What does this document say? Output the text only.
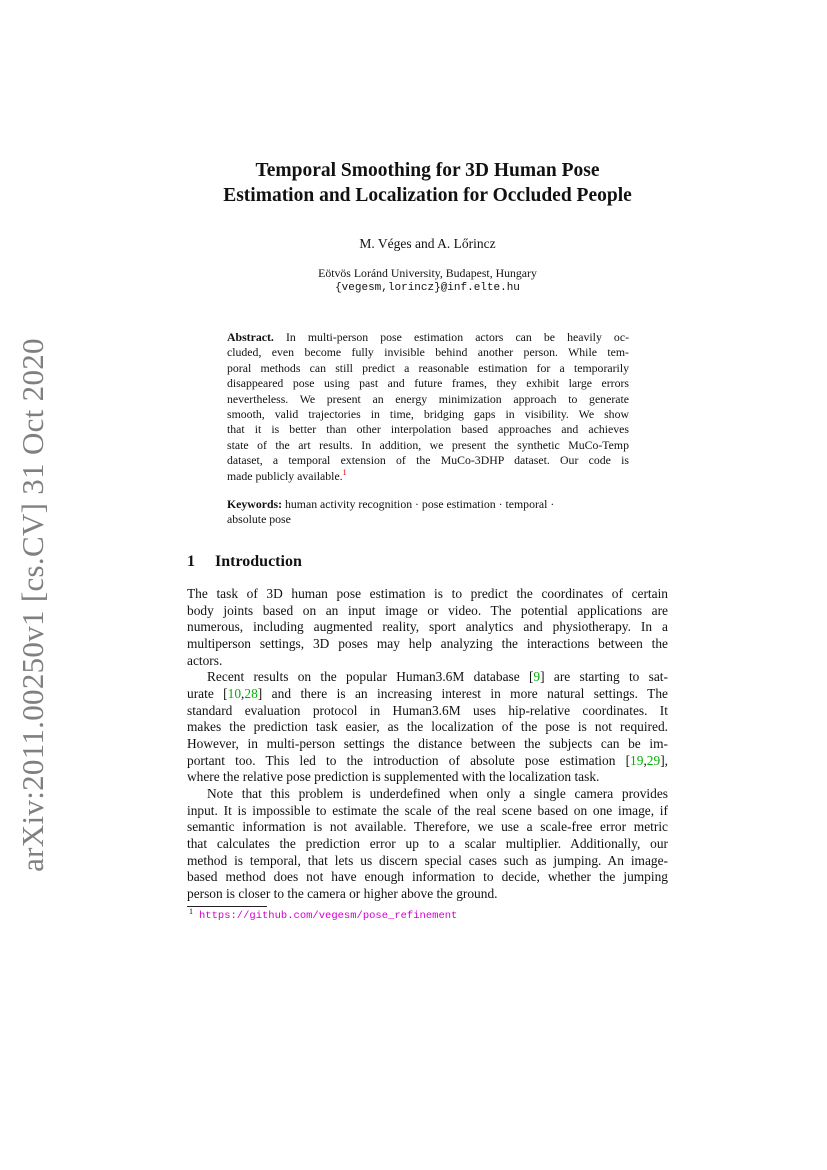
arXiv:2011.00250v1 [cs.CV] 31 Oct 2020
Temporal Smoothing for 3D Human Pose
Estimation and Localization for Occluded People
M. Véges and A. Lőrincz
Eötvös Loránd University, Budapest, Hungary
{vegesm,lorincz}@inf.elte.hu
Abstract. In multi-person pose estimation actors can be heavily oc-
cluded, even become fully invisible behind another person. While tem-
poral methods can still predict a reasonable estimation for a temporarily
disappeared pose using past and future frames, they exhibit large errors
nevertheless. We present an energy minimization approach to generate
smooth, valid trajectories in time, bridging gaps in visibility. We show
that it is better than other interpolation based approaches and achieves
state of the art results. In addition, we present the synthetic MuCo-Temp
dataset, a temporal extension of the MuCo-3DHP dataset. Our code is
made publicly available.$^1$
Keywords: human activity recognition · pose estimation · temporal ·
absolute pose
1 Introduction
The task of 3D human pose estimation is to predict the coordinates of certain
body joints based on an input image or video. The potential applications are
numerous, including augmented reality, sport analytics and physiotherapy. In a
multiperson settings, 3D poses may help analyzing the interactions between the
actors.
Recent results on the popular Human3.6M database [9] are starting to sat-
urate [10,28] and there is an increasing interest in more natural settings. The
standard evaluation protocol in Human3.6M uses hip-relative coordinates. It
makes the prediction task easier, as the localization of the pose is not required.
However, in multi-person settings the distance between the subjects can be im-
portant too. This led to the introduction of absolute pose estimation [19,29],
where the relative pose prediction is supplemented with the localization task.
Note that this problem is underdefined when only a single camera provides
input. It is impossible to estimate the scale of the real scene based on one image, if
semantic information is not available. Therefore, we use a scale-free error metric
that calculates the prediction error up to a scalar multiplier. Additionally, our
method is temporal, that lets us discern special cases such as jumping. An image-
based method does not have enough information to decide, whether the jumping
person is closer to the camera or higher above the ground.
$^1$ https://github.com/vegesm/pose_refinement
